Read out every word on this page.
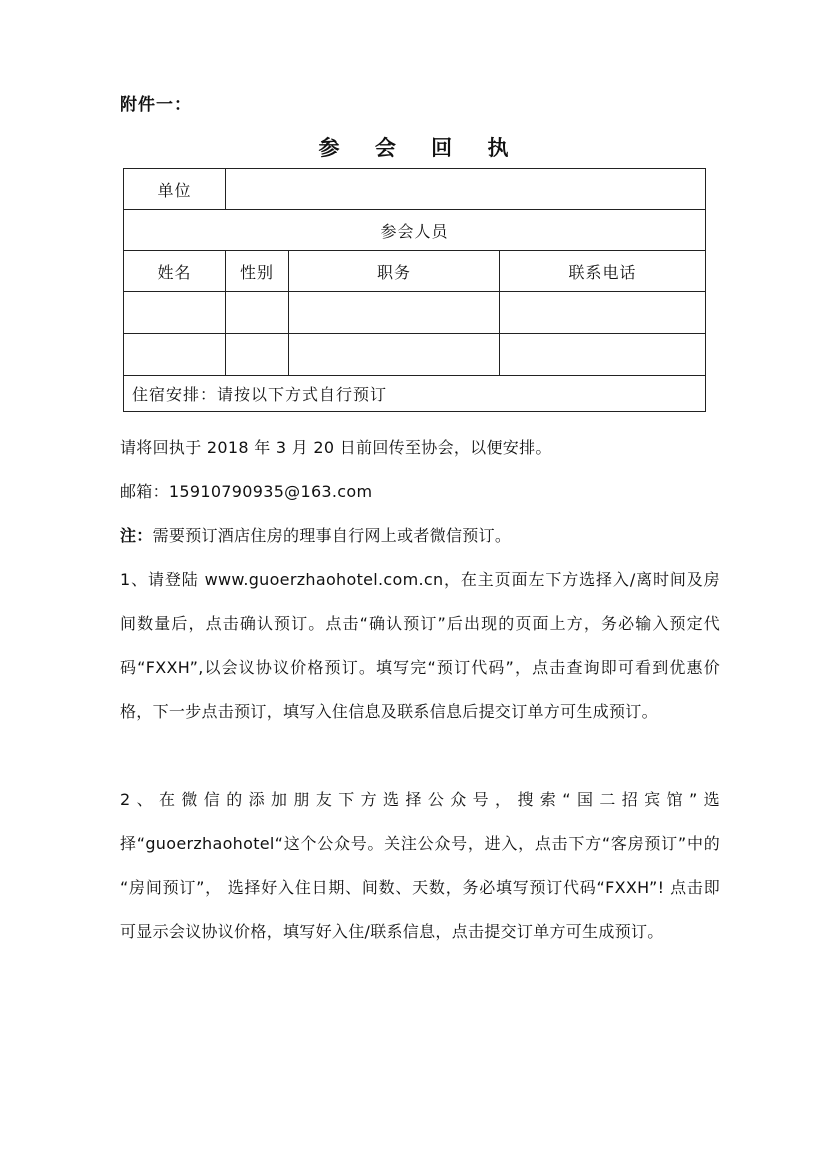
附件一：
参 会 回 执
单位			
参会人员			
姓名	性别	职务	联系电话

住宿安排：请按以下方式自行预订			
请将回执于 2018 年 3 月 20 日前回传至协会，以便安排。
邮箱：15910790935@163.com
注：需要预订酒店住房的理事自行网上或者微信预订。
1、请登陆 www.guoerzhaohotel.com.cn，在主页面左下方选择入/离时间及房间数量后，点击确认预订。点击“确认预订”后出现的页面上方，务必输入预定代码“FXXH”,以会议协议价格预订。填写完“预订代码”，点击查询即可看到优惠价格，下一步点击预订，填写入住信息及联系信息后提交订单方可生成预订。
2、在微信的添加朋友下方选择公众号，搜索“国二招宾馆”选择“guoerzhaohotel“这个公众号。关注公众号，进入，点击下方“客房预订”中的 “房间预订”， 选择好入住日期、间数、天数，务必填写预订代码“FXXH”! 点击即可显示会议协议价格，填写好入住/联系信息，点击提交订单方可生成预订。
